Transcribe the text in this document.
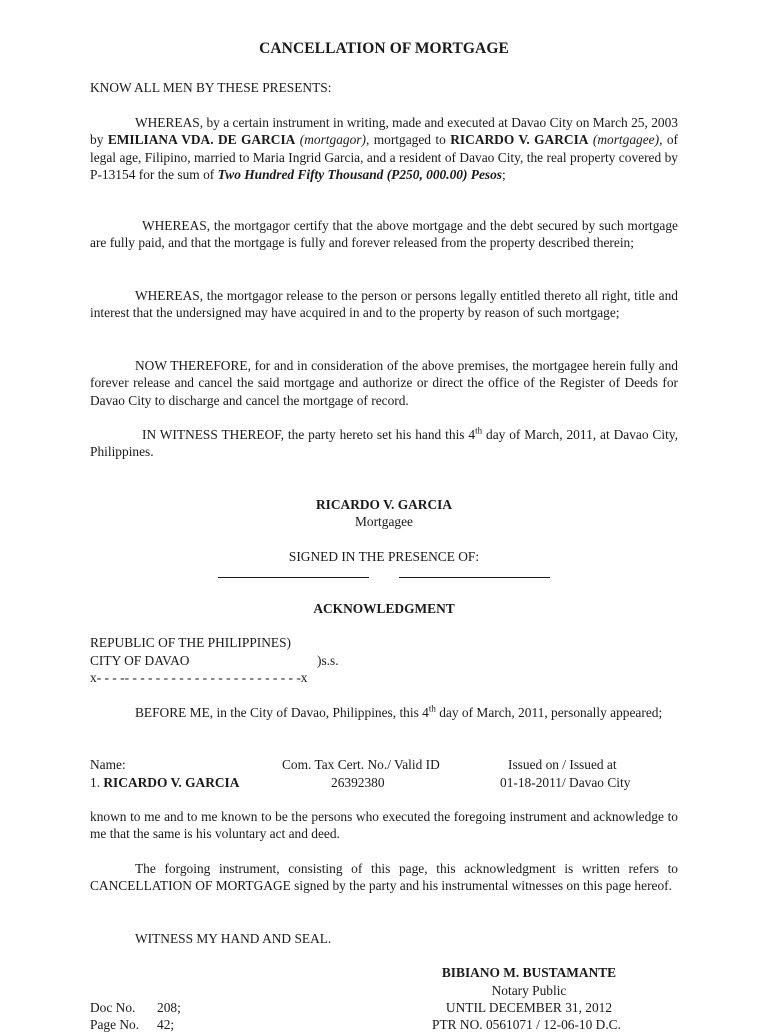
CANCELLATION OF MORTGAGE
KNOW ALL MEN BY THESE PRESENTS:
WHEREAS, by a certain instrument in writing, made and executed at Davao City on March 25, 2003 by EMILIANA VDA. DE GARCIA (mortgagor), mortgaged to RICARDO V. GARCIA (mortgagee), of legal age, Filipino, married to Maria Ingrid Garcia, and a resident of Davao City, the real property covered by P-13154 for the sum of Two Hundred Fifty Thousand (P250, 000.00) Pesos;
WHEREAS, the mortgagor certify that the above mortgage and the debt secured by such mortgage are fully paid, and that the mortgage is fully and forever released from the property described therein;
WHEREAS, the mortgagor release to the person or persons legally entitled thereto all right, title and interest that the undersigned may have acquired in and to the property by reason of such mortgage;
NOW THEREFORE, for and in consideration of the above premises, the mortgagee herein fully and forever release and cancel the said mortgage and authorize or direct the office of the Register of Deeds for Davao City to discharge and cancel the mortgage of record.
IN WITNESS THEREOF, the party hereto set his hand this 4th day of March, 2011, at Davao City, Philippines.
RICARDO V. GARCIA
Mortgagee
SIGNED IN THE PRESENCE OF:
ACKNOWLEDGMENT
REPUBLIC OF THE PHILIPPINES)
CITY OF DAVAO	)s.s.
x- - - -- - - - - - - - - - - - - - - - - - - - - - -x
BEFORE ME, in the City of Davao, Philippines, this 4th day of March, 2011, personally appeared;
Name:	Com. Tax Cert. No./ Valid ID	Issued on / Issued at
1. RICARDO V. GARCIA	26392380	01-18-2011/ Davao City
known to me and to me known to be the persons who executed the foregoing instrument and acknowledge to me that the same is his voluntary act and deed.
The forgoing instrument, consisting of this page, this acknowledgment is written refers to CANCELLATION OF MORTGAGE signed by the party and his instrumental witnesses on this page hereof.
WITNESS MY HAND AND SEAL.
BIBIANO M. BUSTAMANTE
Notary Public
UNTIL DECEMBER 31, 2012
PTR NO. 0561071 / 12-06-10 D.C.
Doc No. 208;
Page No. 42;
